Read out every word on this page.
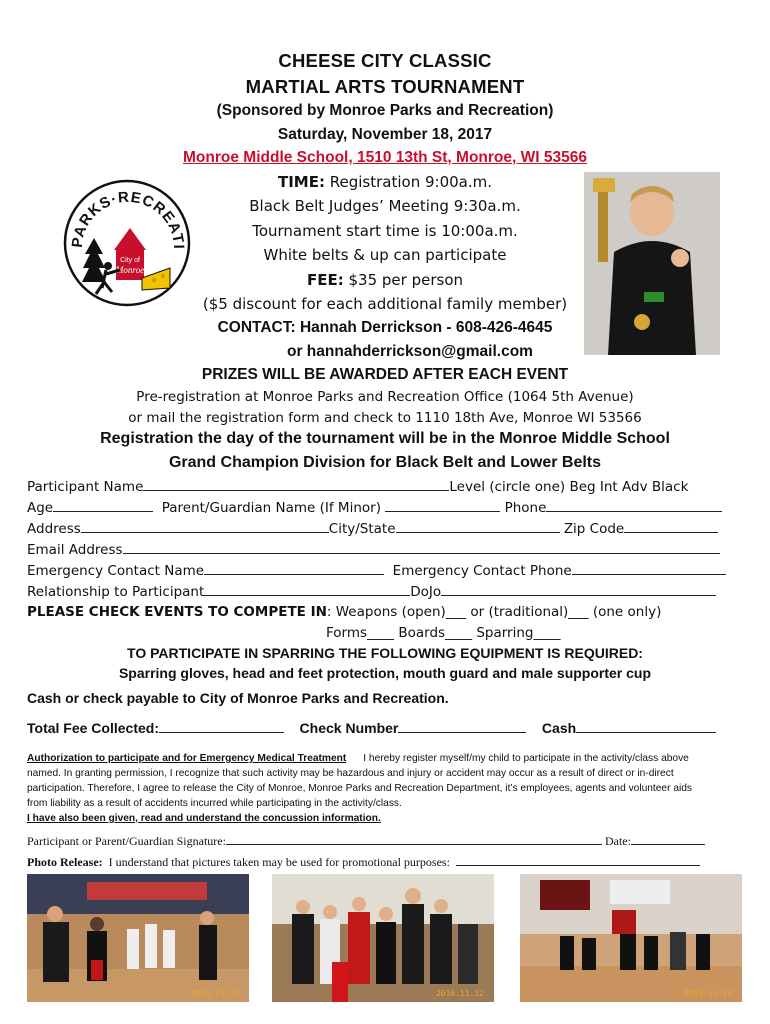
CHEESE CITY CLASSIC
MARTIAL ARTS TOURNAMENT
(Sponsored by Monroe Parks and Recreation)
Saturday, November 18, 2017
Monroe Middle School, 1510 13th St, Monroe, WI 53566
PARKS·RECREATI
City of
Monroe
TIME: Registration 9:00a.m.
Black Belt Judges’ Meeting 9:30a.m.
Tournament start time is 10:00a.m.
White belts & up can participate
FEE: $35 per person
($5 discount for each additional family member)
CONTACT: Hannah Derrickson - 608-426-4645
or hannahderrickson@gmail.com
PRIZES WILL BE AWARDED AFTER EACH EVENT
Pre-registration at Monroe Parks and Recreation Office (1064 5th Avenue)
or mail the registration form and check to 1110 18th Ave, Monroe WI 53566
Registration the day of the tournament will be in the Monroe Middle School
Grand Champion Division for Black Belt and Lower Belts
Participant Name	Level (circle one) Beg Int Adv Black
Age	Parent/Guardian Name (If Minor)	Phone
Address	City/State	Zip Code
Email Address
Emergency Contact Name	Emergency Contact Phone
Relationship to Participant	DoJo
PLEASE CHECK EVENTS TO COMPETE IN: Weapons (open)___ or (traditional)___ (one only)
Forms____ Boards____ Sparring____
TO PARTICIPATE IN SPARRING THE FOLLOWING EQUIPMENT IS REQUIRED:
Sparring gloves, head and feet protection, mouth guard and male supporter cup
Cash or check payable to City of Monroe Parks and Recreation.
Total Fee Collected:	Check Number	Cash
Authorization to participate and for Emergency Medical Treatment I hereby register myself/my child to participate in the activity/class above
named. In granting permission, I recognize that such activity may be hazardous and injury or accident may occur as a result of direct or in-direct
participation. Therefore, I agree to release the City of Monroe, Monroe Parks and Recreation Department, it’s employees, agents and volunteer aids
from liability as a result of accidents incurred while participating in the activity/class.
I have also been given, read and understand the concussion information.
Participant or Parent/Guardian Signature:	Date:
Photo Release: I understand that pictures taken may be used for promotional purposes:
2016.11.19	2016.11.12	2016.11.12
